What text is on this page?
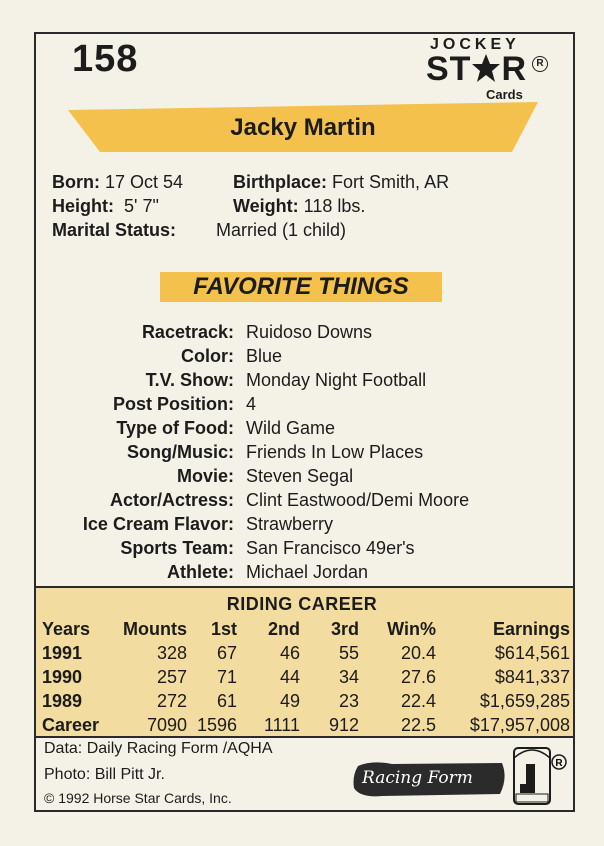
158	JOCKEY
ST R R
Cards
Jacky Martin
Born: 17 Oct 54	Birthplace: Fort Smith, AR
Height: 5' 7"	Weight: 118 lbs.
Marital Status: Married (1 child)
FAVORITE THINGS
Racetrack: Ruidoso Downs
Color: Blue
T.V. Show: Monday Night Football
Post Position: 4
Type of Food: Wild Game
Song/Music: Friends In Low Places
Movie: Steven Segal
Actor/Actress: Clint Eastwood/Demi Moore
Ice Cream Flavor: Strawberry
Sports Team: San Francisco 49er's
Athlete: Michael Jordan
RIDING CAREER
Years Mounts 1st 2nd 3rd Win%	Earnings
1991	328 67 46 55 20.4	$614,561
1990	257 71 44 34 27.6	$841,337
1989	272 61 49 23 22.4 $1,659,285
Career	7090 1596 1111 912 22.5 $17,957,008
Data: Daily Racing Form /AQHA
Photo: Bill Pitt Jr.
© 1992 Horse Star Cards, Inc.
Racing Form
R
